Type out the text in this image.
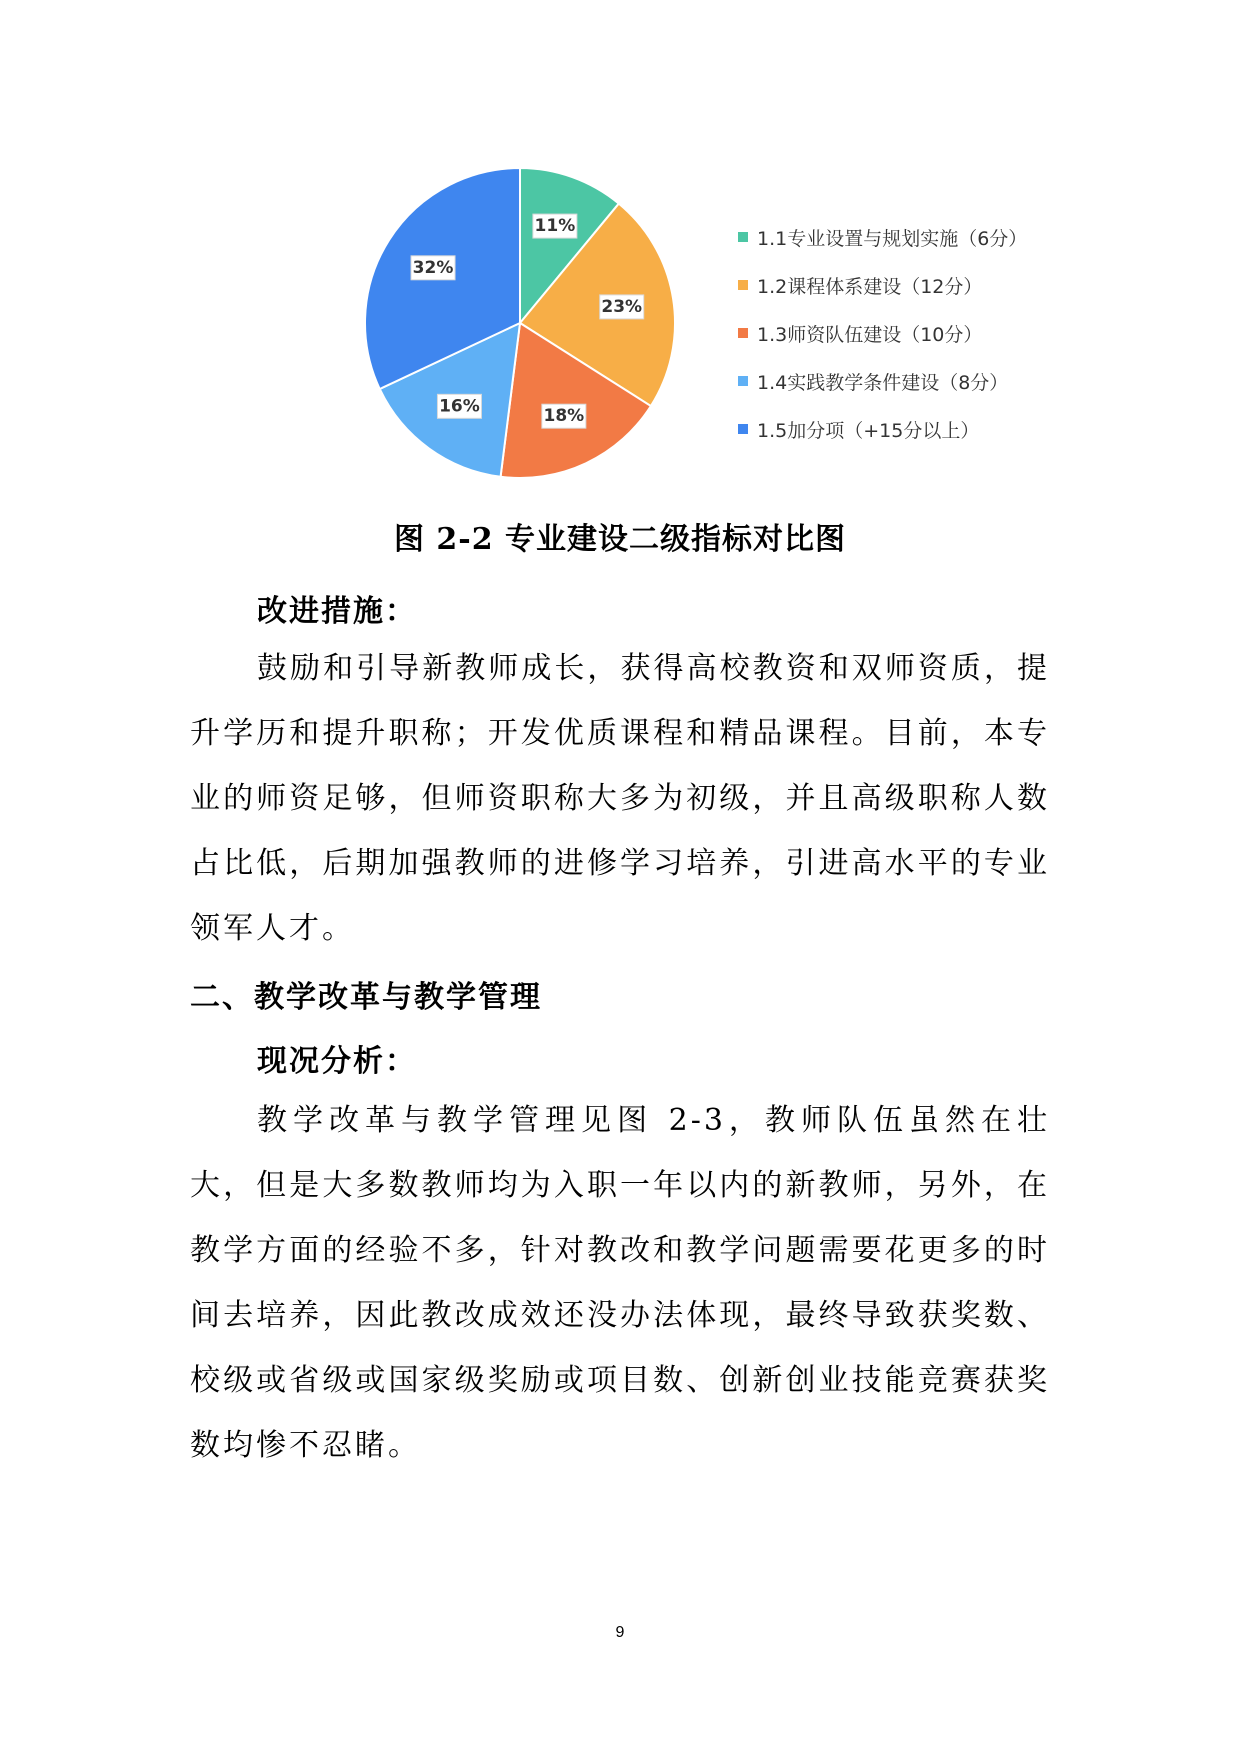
11%
23%
18%
16%
32%
1.1专业设置与规划实施（6分）
1.2课程体系建设（12分）
1.3师资队伍建设（10分）
1.4实践教学条件建设（8分）
1.5加分项（+15分以上）
图 2-2 专业建设二级指标对比图
改进措施：

鼓励和引导新教师成长，获得高校教资和双师资质，提升学历和提升职称；开发优质课程和精品课程。目前，本专业的师资足够，但师资职称大多为初级，并且高级职称人数占比低，后期加强教师的进修学习培养，引进高水平的专业领军人才。

二、教学改革与教学管理
现况分析：

教学改革与教学管理见图 2-3，教师队伍虽然在壮大，但是大多数教师均为入职一年以内的新教师，另外，在教学方面的经验不多，针对教改和教学问题需要花更多的时间去培养，因此教改成效还没办法体现，最终导致获奖数、校级或省级或国家级奖励或项目数、创新创业技能竞赛获奖数均惨不忍睹。

9
